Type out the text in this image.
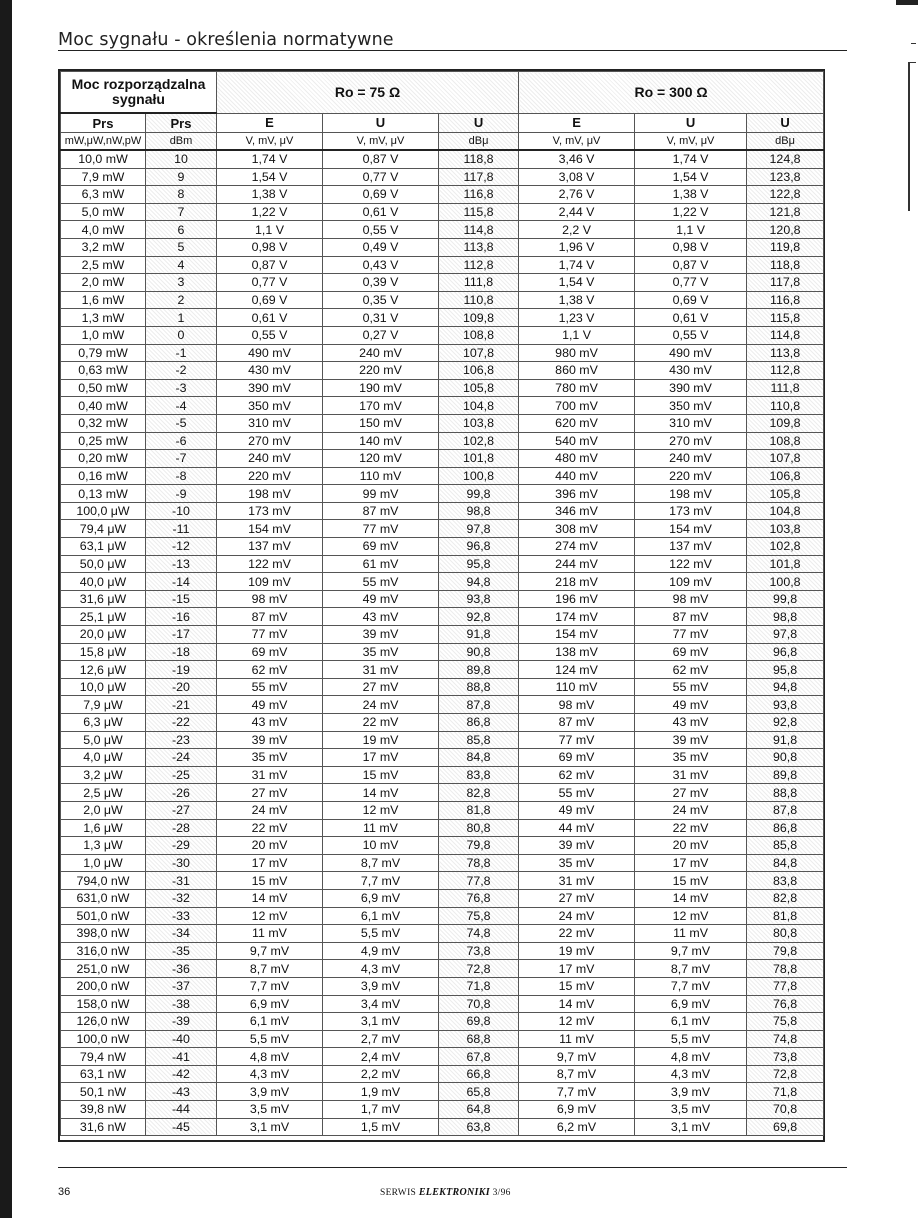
Moc sygnału - określenia normatywne
Moc rozporządzalna sygnału		Ro = 75 Ω			Ro = 300 Ω		
Prs	Prs	E	U	U	E	U	U
mW,μW,nW,pW	dBm	V, mV, μV	V, mV, μV	dBμ	V, mV, μV	V, mV, μV	dBμ
10,0 mW	10	1,74 V	0,87 V	118,8	3,46 V	1,74 V	124,8
7,9 mW	9	1,54 V	0,77 V	117,8	3,08 V	1,54 V	123,8
6,3 mW	8	1,38 V	0,69 V	116,8	2,76 V	1,38 V	122,8
5,0 mW	7	1,22 V	0,61 V	115,8	2,44 V	1,22 V	121,8
4,0 mW	6	1,1 V	0,55 V	114,8	2,2 V	1,1 V	120,8
3,2 mW	5	0,98 V	0,49 V	113,8	1,96 V	0,98 V	119,8
2,5 mW	4	0,87 V	0,43 V	112,8	1,74 V	0,87 V	118,8
2,0 mW	3	0,77 V	0,39 V	111,8	1,54 V	0,77 V	117,8
1,6 mW	2	0,69 V	0,35 V	110,8	1,38 V	0,69 V	116,8
1,3 mW	1	0,61 V	0,31 V	109,8	1,23 V	0,61 V	115,8
1,0 mW	0	0,55 V	0,27 V	108,8	1,1 V	0,55 V	114,8
0,79 mW	-1	490 mV	240 mV	107,8	980 mV	490 mV	113,8
0,63 mW	-2	430 mV	220 mV	106,8	860 mV	430 mV	112,8
0,50 mW	-3	390 mV	190 mV	105,8	780 mV	390 mV	111,8
0,40 mW	-4	350 mV	170 mV	104,8	700 mV	350 mV	110,8
0,32 mW	-5	310 mV	150 mV	103,8	620 mV	310 mV	109,8
0,25 mW	-6	270 mV	140 mV	102,8	540 mV	270 mV	108,8
0,20 mW	-7	240 mV	120 mV	101,8	480 mV	240 mV	107,8
0,16 mW	-8	220 mV	110 mV	100,8	440 mV	220 mV	106,8
0,13 mW	-9	198 mV	99 mV	99,8	396 mV	198 mV	105,8
100,0 μW	-10	173 mV	87 mV	98,8	346 mV	173 mV	104,8
79,4 μW	-11	154 mV	77 mV	97,8	308 mV	154 mV	103,8
63,1 μW	-12	137 mV	69 mV	96,8	274 mV	137 mV	102,8
50,0 μW	-13	122 mV	61 mV	95,8	244 mV	122 mV	101,8
40,0 μW	-14	109 mV	55 mV	94,8	218 mV	109 mV	100,8
31,6 μW	-15	98 mV	49 mV	93,8	196 mV	98 mV	99,8
25,1 μW	-16	87 mV	43 mV	92,8	174 mV	87 mV	98,8
20,0 μW	-17	77 mV	39 mV	91,8	154 mV	77 mV	97,8
15,8 μW	-18	69 mV	35 mV	90,8	138 mV	69 mV	96,8
12,6 μW	-19	62 mV	31 mV	89,8	124 mV	62 mV	95,8
10,0 μW	-20	55 mV	27 mV	88,8	110 mV	55 mV	94,8
7,9 μW	-21	49 mV	24 mV	87,8	98 mV	49 mV	93,8
6,3 μW	-22	43 mV	22 mV	86,8	87 mV	43 mV	92,8
5,0 μW	-23	39 mV	19 mV	85,8	77 mV	39 mV	91,8
4,0 μW	-24	35 mV	17 mV	84,8	69 mV	35 mV	90,8
3,2 μW	-25	31 mV	15 mV	83,8	62 mV	31 mV	89,8
2,5 μW	-26	27 mV	14 mV	82,8	55 mV	27 mV	88,8
2,0 μW	-27	24 mV	12 mV	81,8	49 mV	24 mV	87,8
1,6 μW	-28	22 mV	11 mV	80,8	44 mV	22 mV	86,8
1,3 μW	-29	20 mV	10 mV	79,8	39 mV	20 mV	85,8
1,0 μW	-30	17 mV	8,7 mV	78,8	35 mV	17 mV	84,8
794,0 nW	-31	15 mV	7,7 mV	77,8	31 mV	15 mV	83,8
631,0 nW	-32	14 mV	6,9 mV	76,8	27 mV	14 mV	82,8
501,0 nW	-33	12 mV	6,1 mV	75,8	24 mV	12 mV	81,8
398,0 nW	-34	11 mV	5,5 mV	74,8	22 mV	11 mV	80,8
316,0 nW	-35	9,7 mV	4,9 mV	73,8	19 mV	9,7 mV	79,8
251,0 nW	-36	8,7 mV	4,3 mV	72,8	17 mV	8,7 mV	78,8
200,0 nW	-37	7,7 mV	3,9 mV	71,8	15 mV	7,7 mV	77,8
158,0 nW	-38	6,9 mV	3,4 mV	70,8	14 mV	6,9 mV	76,8
126,0 nW	-39	6,1 mV	3,1 mV	69,8	12 mV	6,1 mV	75,8
100,0 nW	-40	5,5 mV	2,7 mV	68,8	11 mV	5,5 mV	74,8
79,4 nW	-41	4,8 mV	2,4 mV	67,8	9,7 mV	4,8 mV	73,8
63,1 nW	-42	4,3 mV	2,2 mV	66,8	8,7 mV	4,3 mV	72,8
50,1 nW	-43	3,9 mV	1,9 mV	65,8	7,7 mV	3,9 mV	71,8
39,8 nW	-44	3,5 mV	1,7 mV	64,8	6,9 mV	3,5 mV	70,8
31,6 nW	-45	3,1 mV	1,5 mV	63,8	6,2 mV	3,1 mV	69,8
36	SERWIS ELEKTRONIKI 3/96
